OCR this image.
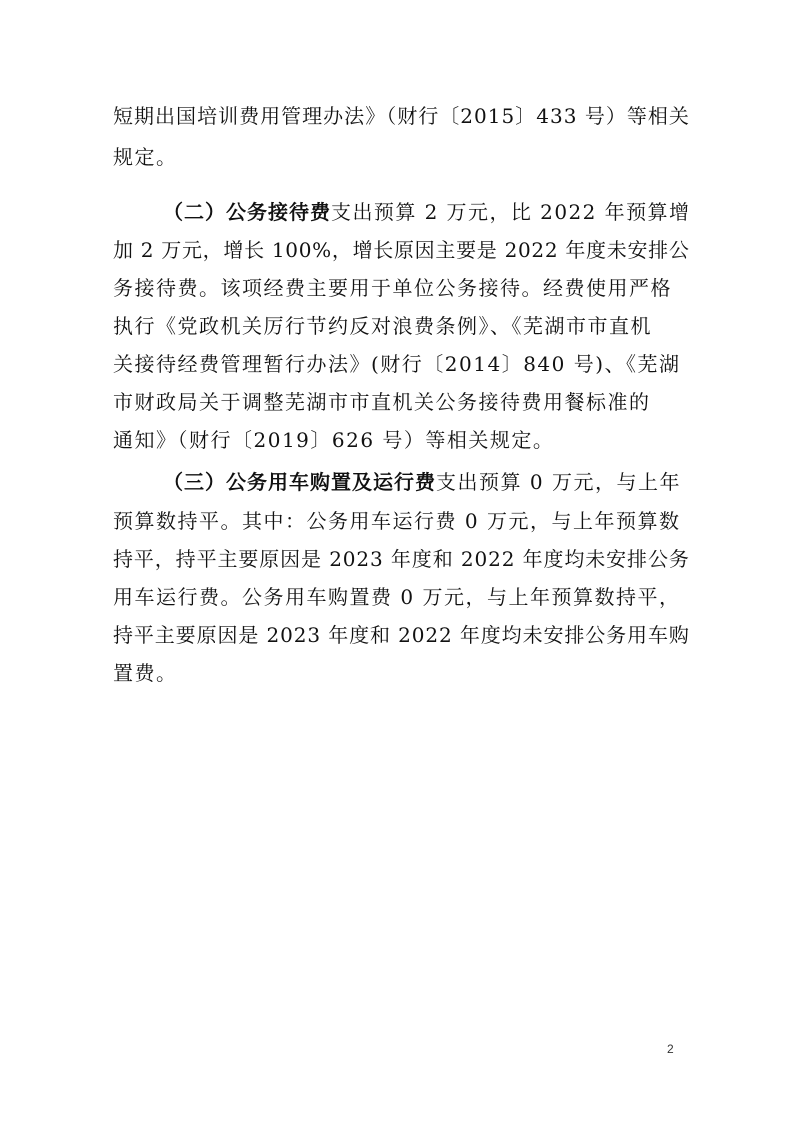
短期出国培训费用管理办法》（财行〔2015〕433 号）等相关
规定。
（二）公务接待费支出预算 2 万元，比 2022 年预算增
加 2 万元，增长 100%，增长原因主要是 2022 年度未安排公
务接待费。该项经费主要用于单位公务接待。经费使用严格
执行《党政机关厉行节约反对浪费条例》、《芜湖市市直机
关接待经费管理暂行办法》(财行〔2014〕840 号)、《芜湖
市财政局关于调整芜湖市市直机关公务接待费用餐标准的
通知》（财行〔2019〕626 号）等相关规定。
（三）公务用车购置及运行费支出预算 0 万元，与上年
预算数持平。其中：公务用车运行费 0 万元，与上年预算数
持平，持平主要原因是 2023 年度和 2022 年度均未安排公务
用车运行费。公务用车购置费 0 万元，与上年预算数持平，
持平主要原因是 2023 年度和 2022 年度均未安排公务用车购
置费。
2
